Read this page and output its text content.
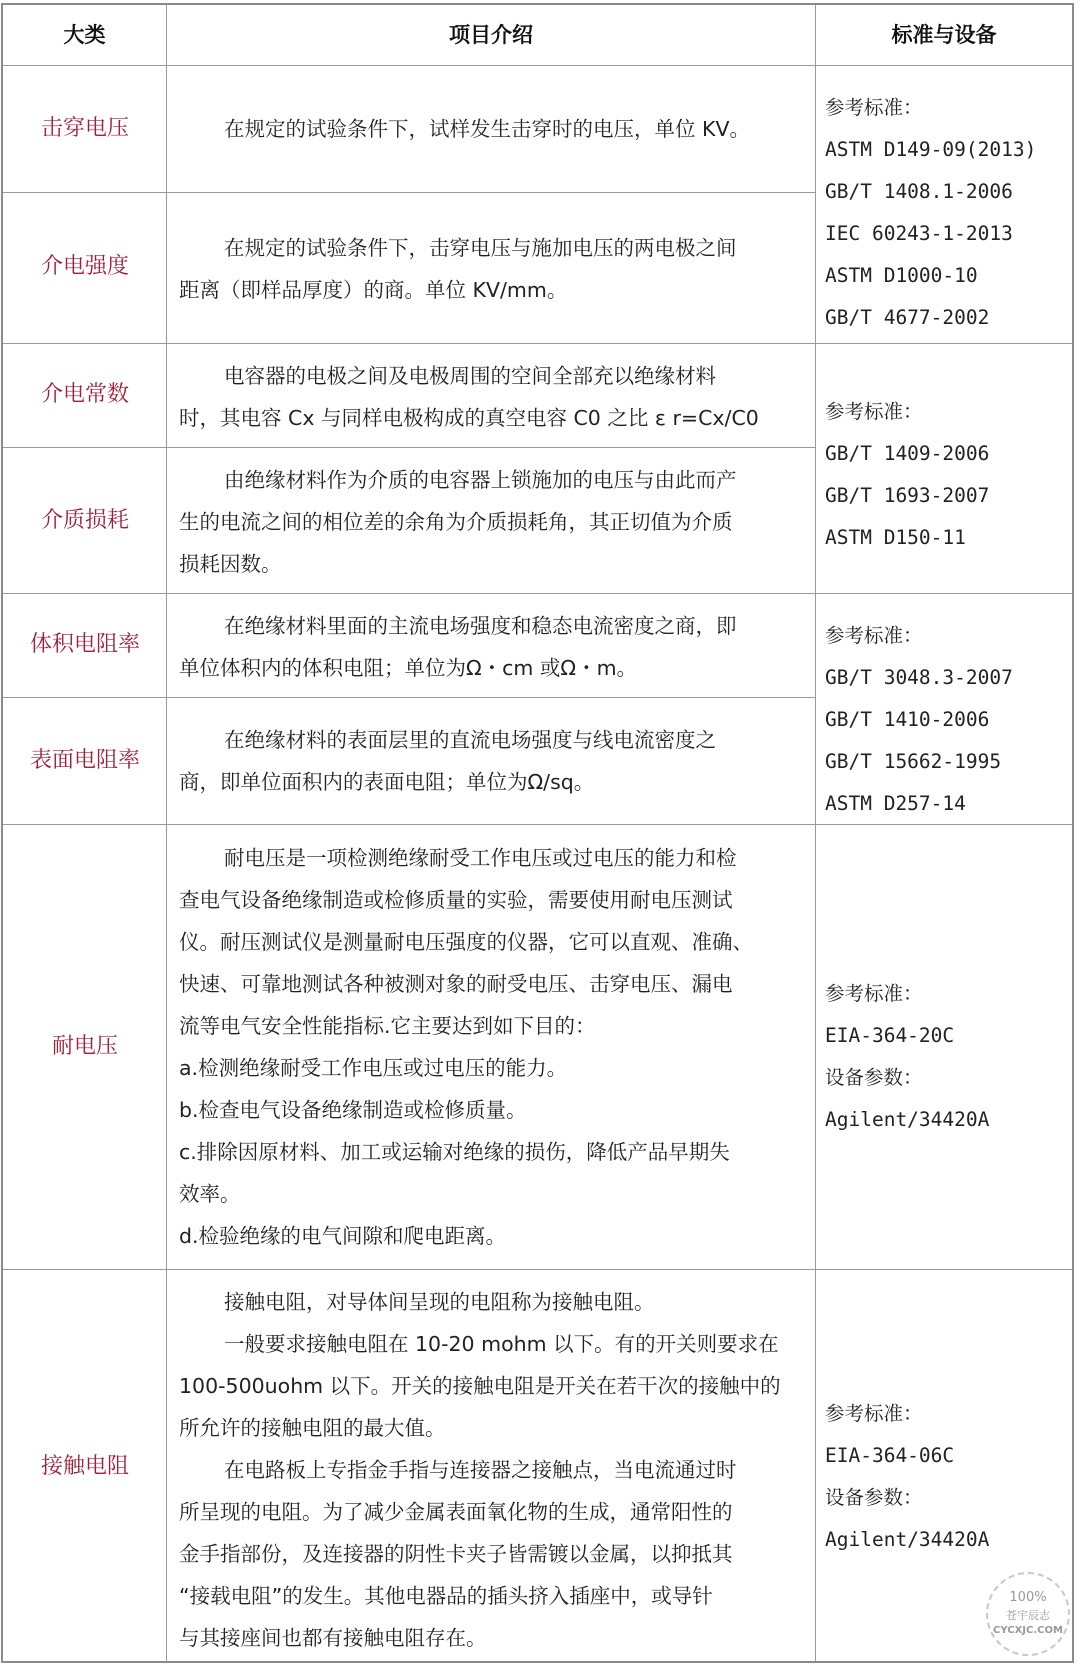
大类	项目介绍	标准与设备
击穿电压
介电强度
介电常数
介质损耗
体积电阻率
表面电阻率
耐电压
接触电阻

在规定的试验条件下，试样发生击穿时的电压，单位 KV。

在规定的试验条件下，击穿电压与施加电压的两电极之间

距离（即样品厚度）的商。单位 KV/mm。

电容器的电极之间及电极周围的空间全部充以绝缘材料

时，其电容 Cx 与同样电极构成的真空电容 C0 之比 ε r=Cx/C0

由绝缘材料作为介质的电容器上锁施加的电压与由此而产

生的电流之间的相位差的余角为介质损耗角，其正切值为介质

损耗因数。

在绝缘材料里面的主流电场强度和稳态电流密度之商，即

单位体积内的体积电阻；单位为Ω・cm 或Ω・m。

在绝缘材料的表面层里的直流电场强度与线电流密度之

商，即单位面积内的表面电阻；单位为Ω/sq。

耐电压是一项检测绝缘耐受工作电压或过电压的能力和检

查电气设备绝缘制造或检修质量的实验，需要使用耐电压测试

仪。耐压测试仪是测量耐电压强度的仪器，它可以直观、准确、

快速、可靠地测试各种被测对象的耐受电压、击穿电压、漏电

流等电气安全性能指标.它主要达到如下目的：

a.检测绝缘耐受工作电压或过电压的能力。

b.检查电气设备绝缘制造或检修质量。

c.排除因原材料、加工或运输对绝缘的损伤，降低产品早期失

效率。

d.检验绝缘的电气间隙和爬电距离。

接触电阻，对导体间呈现的电阻称为接触电阻。

一般要求接触电阻在 10-20 mohm 以下。有的开关则要求在

100-500uohm 以下。开关的接触电阻是开关在若干次的接触中的

所允许的接触电阻的最大值。

在电路板上专指金手指与连接器之接触点，当电流通过时

所呈现的电阻。为了减少金属表面氧化物的生成，通常阳性的

金手指部份，及连接器的阴性卡夹子皆需镀以金属，以抑抵其

“接载电阻”的发生。其他电器品的插头挤入插座中，或导针

与其接座间也都有接触电阻存在。

参考标准：
ASTM D149-09(2013)
GB/T 1408.1-2006
IEC 60243-1-2013
ASTM D1000-10
GB/T 4677-2002
参考标准：
GB/T 1409-2006
GB/T 1693-2007
ASTM D150-11
参考标准：
GB/T 3048.3-2007
GB/T 1410-2006
GB/T 15662-1995
ASTM D257-14
参考标准：
EIA-364-20C
设备参数：
Agilent/34420A
参考标准：
EIA-364-06C
设备参数：
Agilent/34420A
100%
苍宇辰志
CYCXJC.COM
